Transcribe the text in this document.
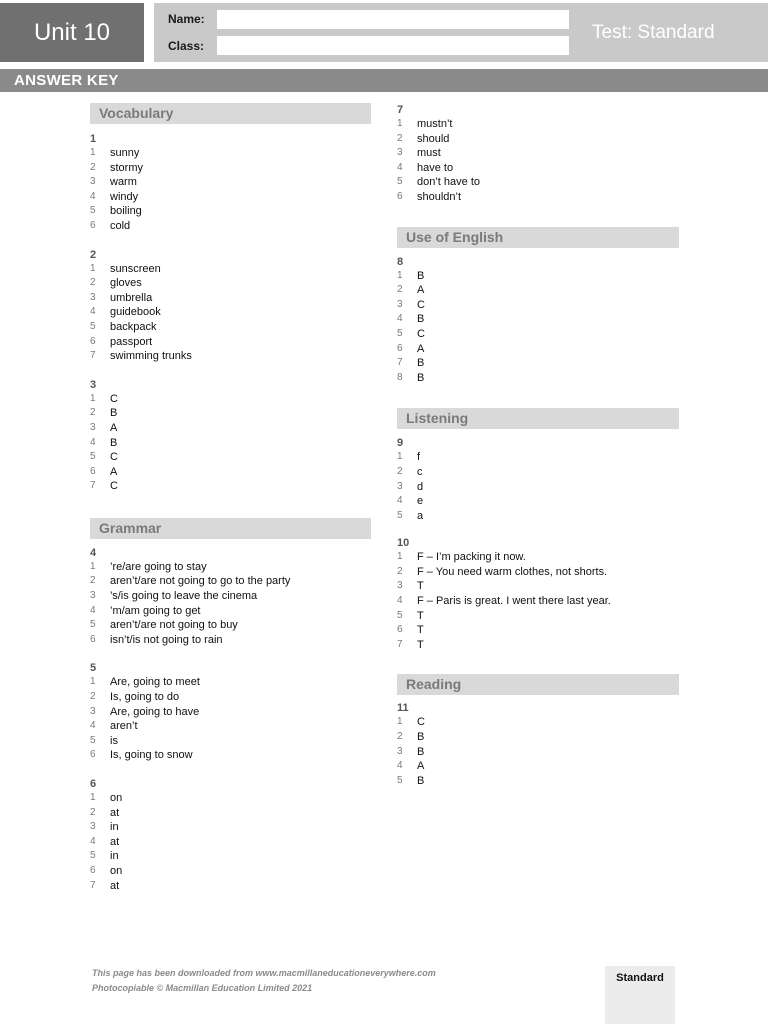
Unit 10	Name:
Class:
Test: Standard
ANSWER KEY
Vocabulary
1
1	sunny
2	stormy
3	warm
4	windy
5	boiling
6	cold
2
1	sunscreen
2	gloves
3	umbrella
4	guidebook
5	backpack
6	passport
7	swimming trunks
3
1	C
2	B
3	A
4	B
5	C
6	A
7	C
Grammar
4
1	’re/are going to stay
2	aren’t/are not going to go to the party
3	’s/is going to leave the cinema
4	’m/am going to get
5	aren’t/are not going to buy
6	isn’t/is not going to rain
5
1	Are, going to meet
2	Is, going to do
3	Are, going to have
4	aren’t
5	is
6	Is, going to snow
6
1	on
2	at
3	in
4	at
5	in
6	on
7	at
7
1	mustn’t
2	should
3	must
4	have to
5	don’t have to
6	shouldn’t
Use of English
8
1	B
2	A
3	C
4	B
5	C
6	A
7	B
8	B
Listening
9
1	f
2	c
3	d
4	e
5	a
10
1	F – I’m packing it now.
2	F – You need warm clothes, not shorts.
3	T
4	F – Paris is great. I went there last year.
5	T
6	T
7	T
Reading
11
1	C
2	B
3	B
4	A
5	B
This page has been downloaded from www.macmillaneducationeverywhere.com
Photocopiable © Macmillan Education Limited 2021
Standard
